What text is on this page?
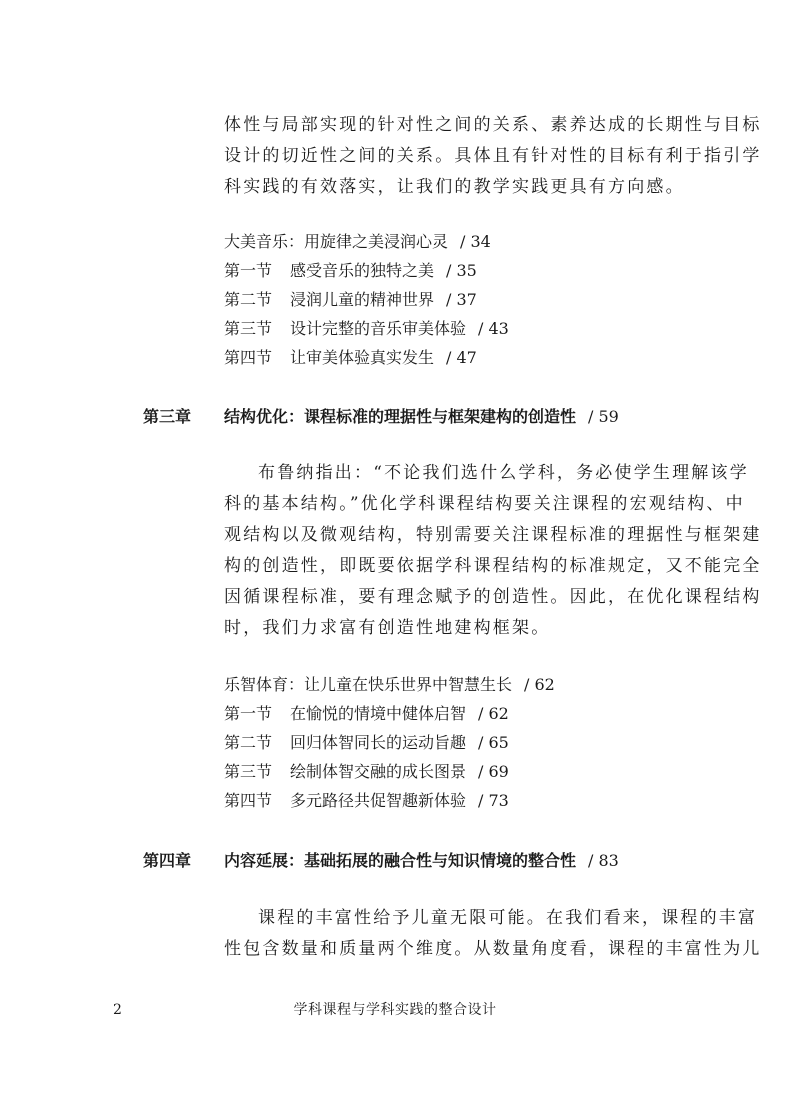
体性与局部实现的针对性之间的关系、素养达成的长期性与目标
设计的切近性之间的关系。具体且有针对性的目标有利于指引学
科实践的有效落实，让我们的教学实践更具有方向感。
大美音乐：用旋律之美浸润心灵 / 34
第一节 感受音乐的独特之美 / 35
第二节 浸润儿童的精神世界 / 37
第三节 设计完整的音乐审美体验 / 43
第四节 让审美体验真实发生 / 47
第三章 结构优化：课程标准的理据性与框架建构的创造性 / 59
布鲁纳指出：“不论我们选什么学科，务必使学生理解该学
科的基本结构。”优化学科课程结构要关注课程的宏观结构、中
观结构以及微观结构，特别需要关注课程标准的理据性与框架建
构的创造性，即既要依据学科课程结构的标准规定，又不能完全
因循课程标准，要有理念赋予的创造性。因此，在优化课程结构
时，我们力求富有创造性地建构框架。
乐智体育：让儿童在快乐世界中智慧生长 / 62
第一节 在愉悦的情境中健体启智 / 62
第二节 回归体智同长的运动旨趣 / 65
第三节 绘制体智交融的成长图景 / 69
第四节 多元路径共促智趣新体验 / 73
第四章 内容延展：基础拓展的融合性与知识情境的整合性 / 83
课程的丰富性给予儿童无限可能。在我们看来，课程的丰富
性包含数量和质量两个维度。从数量角度看，课程的丰富性为儿
2	学科课程与学科实践的整合设计
